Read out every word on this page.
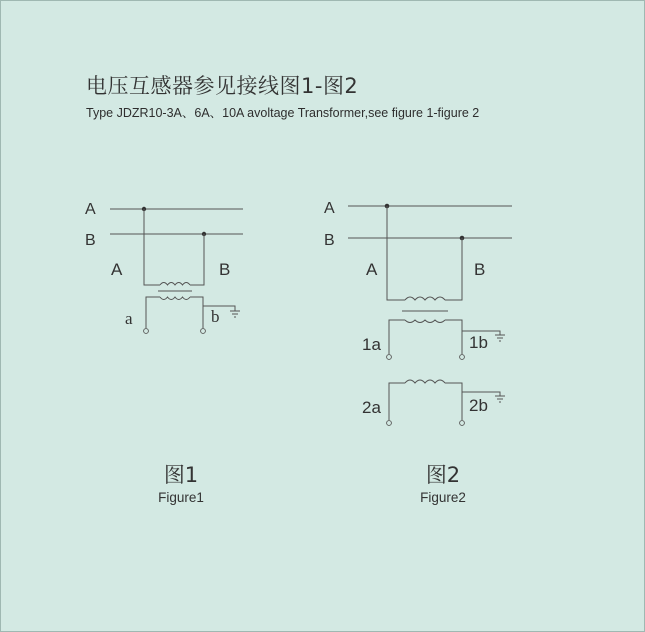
电压互感器参见接线图1-图2
Type JDZR10-3A、6A、10A avoltage Transformer,see figure 1-figure 2
A
B
A	B
a	b
图1
Figure1
A
B
A	B
1a	1b
2a	2b
图2
Figure2
